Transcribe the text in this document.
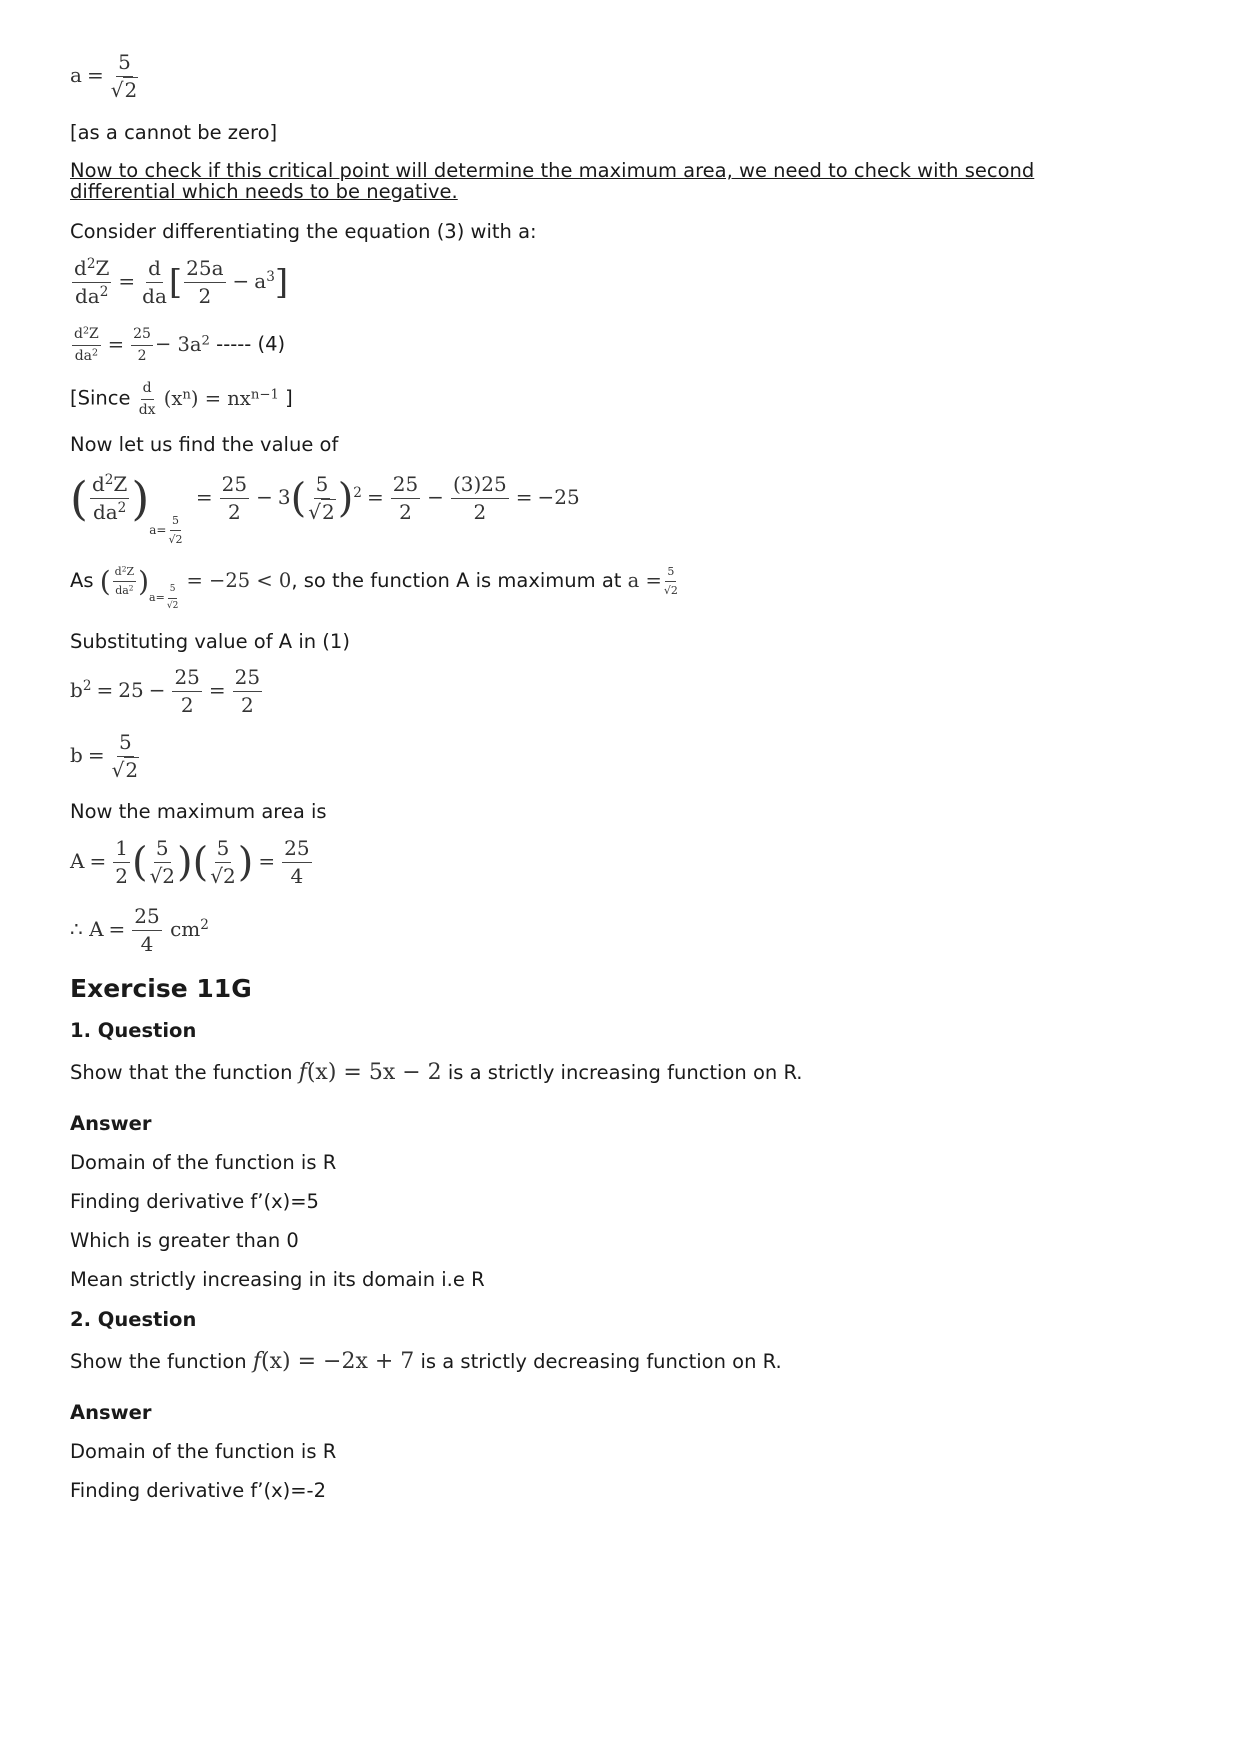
$a = \frac{5}{√2}$
[as a cannot be zero]
Now to check if this critical point will determine the maximum area, we need to check with second
differential which needs to be negative.
Consider differentiating the equation (3) with a:
$\frac{d^2Z}{da^2} = \frac{d}{da}$ [ $\frac{25a}{2} - a^3$]
$\frac{d^2Z}{da^2} = \frac{25}{2} - 3a^2$ ----- (4)
[Since $\frac{d}{dx} (x^n) = nx^{n-1}$ ]
Now let us find the value of
( $\frac{d^2Z}{da^2} )a=$
5
√2
= $\frac{25}{2} - 3( \frac{5}{√2} )^2 = \frac{25}{2} - \frac{(3)25}{2} = -25$
As ( $\frac{d^2Z}{da^2} )_{a= \frac{5}{√2}}$
= −25 < 0, so the function A is maximum at $a = \frac{5}{√2}$
Substituting value of A in (1)
$b^2 = 25 - \frac{25}{2} = \frac{25}{2}$
$b = \frac{5}{√2}$
Now the maximum area is
$A = \frac{1}{2}$ ( $\frac{5}{√2}$ )( $\frac{5}{√2}$ ) = $\frac{25}{4}$
∴ $A = \frac{25}{4} cm^2$
Exercise 11G
1. Question
Show that the function f(x) = 5x − 2 is a strictly increasing function on R.
Answer
Domain of the function is R
Finding derivative f’(x)=5
Which is greater than 0
Mean strictly increasing in its domain i.e R
2. Question
Show the function f(x) = −2x + 7 is a strictly decreasing function on R.
Answer
Domain of the function is R
Finding derivative f’(x)=-2
